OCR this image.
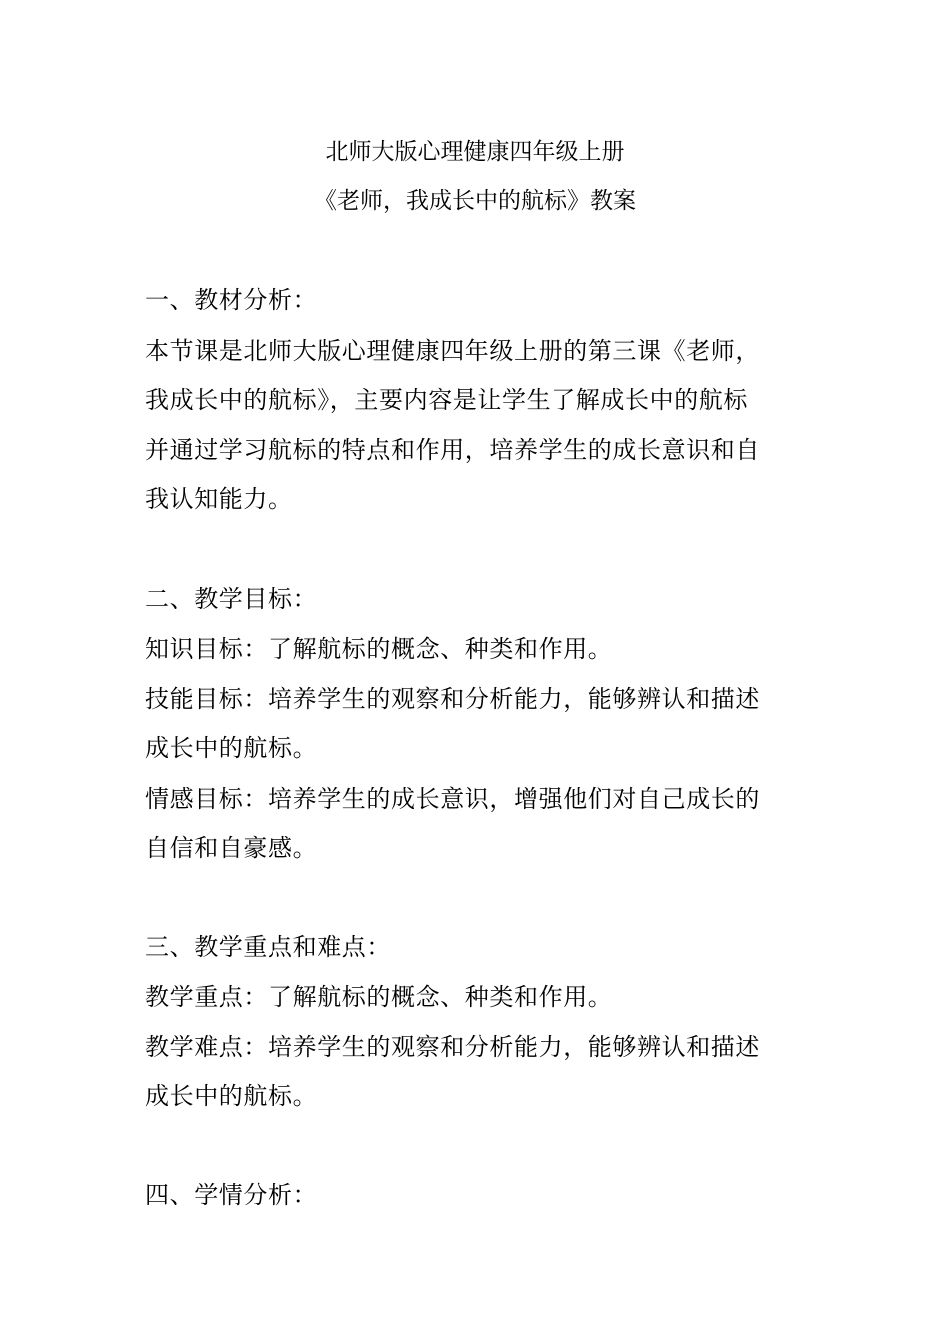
北师大版心理健康四年级上册
《老师，我成长中的航标》教案
一、教材分析：
本节课是北师大版心理健康四年级上册的第三课《老师，
我成长中的航标》，主要内容是让学生了解成长中的航标
并通过学习航标的特点和作用，培养学生的成长意识和自
我认知能力。
二、教学目标：
知识目标：了解航标的概念、种类和作用。
技能目标：培养学生的观察和分析能力，能够辨认和描述
成长中的航标。
情感目标：培养学生的成长意识，增强他们对自己成长的
自信和自豪感。
三、教学重点和难点：
教学重点：了解航标的概念、种类和作用。
教学难点：培养学生的观察和分析能力，能够辨认和描述
成长中的航标。
四、学情分析：
